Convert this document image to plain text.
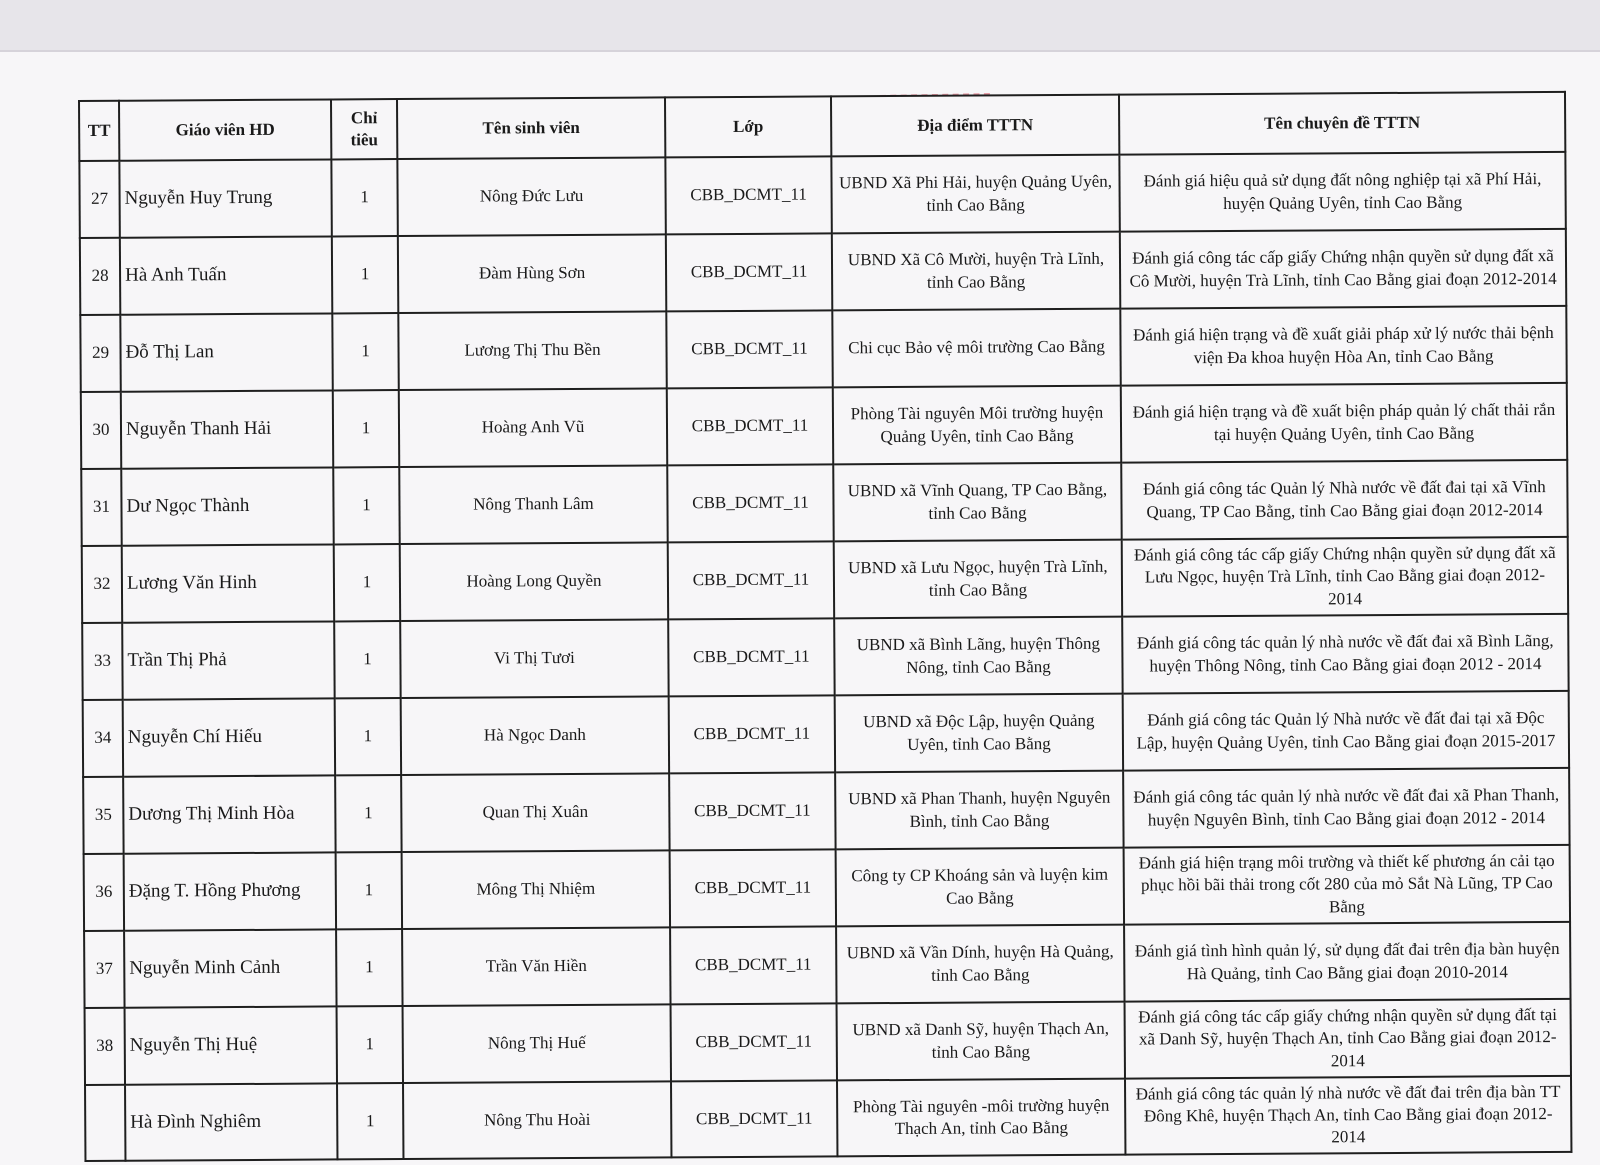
TT	Giáo viên HD	Chỉ tiêu	Tên sinh viên	Lớp	Địa điểm TTTN	Tên chuyên đề TTTN
27	Nguyễn Huy Trung	1	Nông Đức Lưu	CBB_DCMT_11	UBND Xã Phi Hải, huyện Quảng Uyên, tỉnh Cao Bằng	Đánh giá hiệu quả sử dụng đất nông nghiệp tại xã Phí Hải, huyện Quảng Uyên, tỉnh Cao Bằng
28	Hà Anh Tuấn	1	Đàm Hùng Sơn	CBB_DCMT_11	UBND Xã Cô Mười, huyện Trà Lĩnh, tỉnh Cao Bằng	Đánh giá công tác cấp giấy Chứng nhận quyền sử dụng đất xã Cô Mười, huyện Trà Lĩnh, tỉnh Cao Bằng giai đoạn 2012-2014
29	Đỗ Thị Lan	1	Lương Thị Thu Bền	CBB_DCMT_11	Chi cục Bảo vệ môi trường Cao Bằng	Đánh giá hiện trạng và đề xuất giải pháp xử lý nước thải bệnh viện Đa khoa huyện Hòa An, tỉnh Cao Bằng
30	Nguyễn Thanh Hải	1	Hoàng Anh Vũ	CBB_DCMT_11	Phòng Tài nguyên Môi trường huyện Quảng Uyên, tỉnh Cao Bằng	Đánh giá hiện trạng và đề xuất biện pháp quản lý chất thải rắn tại huyện Quảng Uyên, tỉnh Cao Bằng
31	Dư Ngọc Thành	1	Nông Thanh Lâm	CBB_DCMT_11	UBND xã Vĩnh Quang, TP Cao Bằng, tỉnh Cao Bằng	Đánh giá công tác Quản lý Nhà nước về đất đai tại xã Vĩnh Quang, TP Cao Bằng, tỉnh Cao Bằng giai đoạn 2012-2014
32	Lương Văn Hinh	1	Hoàng Long Quyền	CBB_DCMT_11	UBND xã Lưu Ngọc, huyện Trà Lĩnh, tỉnh Cao Bằng	Đánh giá công tác cấp giấy Chứng nhận quyền sử dụng đất xã Lưu Ngọc, huyện Trà Lĩnh, tỉnh Cao Bằng giai đoạn 2012-2014
33	Trần Thị Phả	1	Vi Thị Tươi	CBB_DCMT_11	UBND xã Bình Lãng, huyện Thông Nông, tỉnh Cao Bằng	Đánh giá công tác quản lý nhà nước về đất đai xã Bình Lãng, huyện Thông Nông, tỉnh Cao Bằng giai đoạn 2012 - 2014
34	Nguyễn Chí Hiếu	1	Hà Ngọc Danh	CBB_DCMT_11	UBND xã Độc Lập, huyện Quảng Uyên, tỉnh Cao Bằng	Đánh giá công tác Quản lý Nhà nước về đất đai tại xã Độc Lập, huyện Quảng Uyên, tỉnh Cao Bằng giai đoạn 2015-2017
35	Dương Thị Minh Hòa	1	Quan Thị Xuân	CBB_DCMT_11	UBND xã Phan Thanh, huyện Nguyên Bình, tỉnh Cao Bằng	Đánh giá công tác quản lý nhà nước về đất đai xã Phan Thanh, huyện Nguyên Bình, tỉnh Cao Bằng giai đoạn 2012 - 2014
36	Đặng T. Hồng Phương	1	Mông Thị Nhiệm	CBB_DCMT_11	Công ty CP Khoáng sản và luyện kim Cao Bằng	Đánh giá hiện trạng môi trường và thiết kế phương án cải tạo phục hồi bãi thải trong cốt 280 của mỏ Sắt Nà Lũng, TP Cao Bằng
37	Nguyễn Minh Cảnh	1	Trần Văn Hiền	CBB_DCMT_11	UBND xã Vần Dính, huyện Hà Quảng, tỉnh Cao Bằng	Đánh giá tình hình quản lý, sử dụng đất đai trên địa bàn huyện Hà Quảng, tỉnh Cao Bằng giai đoạn 2010-2014
38	Nguyễn Thị Huệ	1	Nông Thị Huế	CBB_DCMT_11	UBND xã Danh Sỹ, huyện Thạch An, tỉnh Cao Bằng	Đánh giá công tác cấp giấy chứng nhận quyền sử dụng đất tại xã Danh Sỹ, huyện Thạch An, tỉnh Cao Bằng giai đoạn 2012-2014
	Hà Đình Nghiêm	1	Nông Thu Hoài	CBB_DCMT_11	Phòng Tài nguyên -môi trường huyện Thạch An, tỉnh Cao Bằng	Đánh giá công tác quản lý nhà nước về đất đai trên địa bàn TT Đông Khê, huyện Thạch An, tỉnh Cao Bằng giai đoạn 2012-2014
